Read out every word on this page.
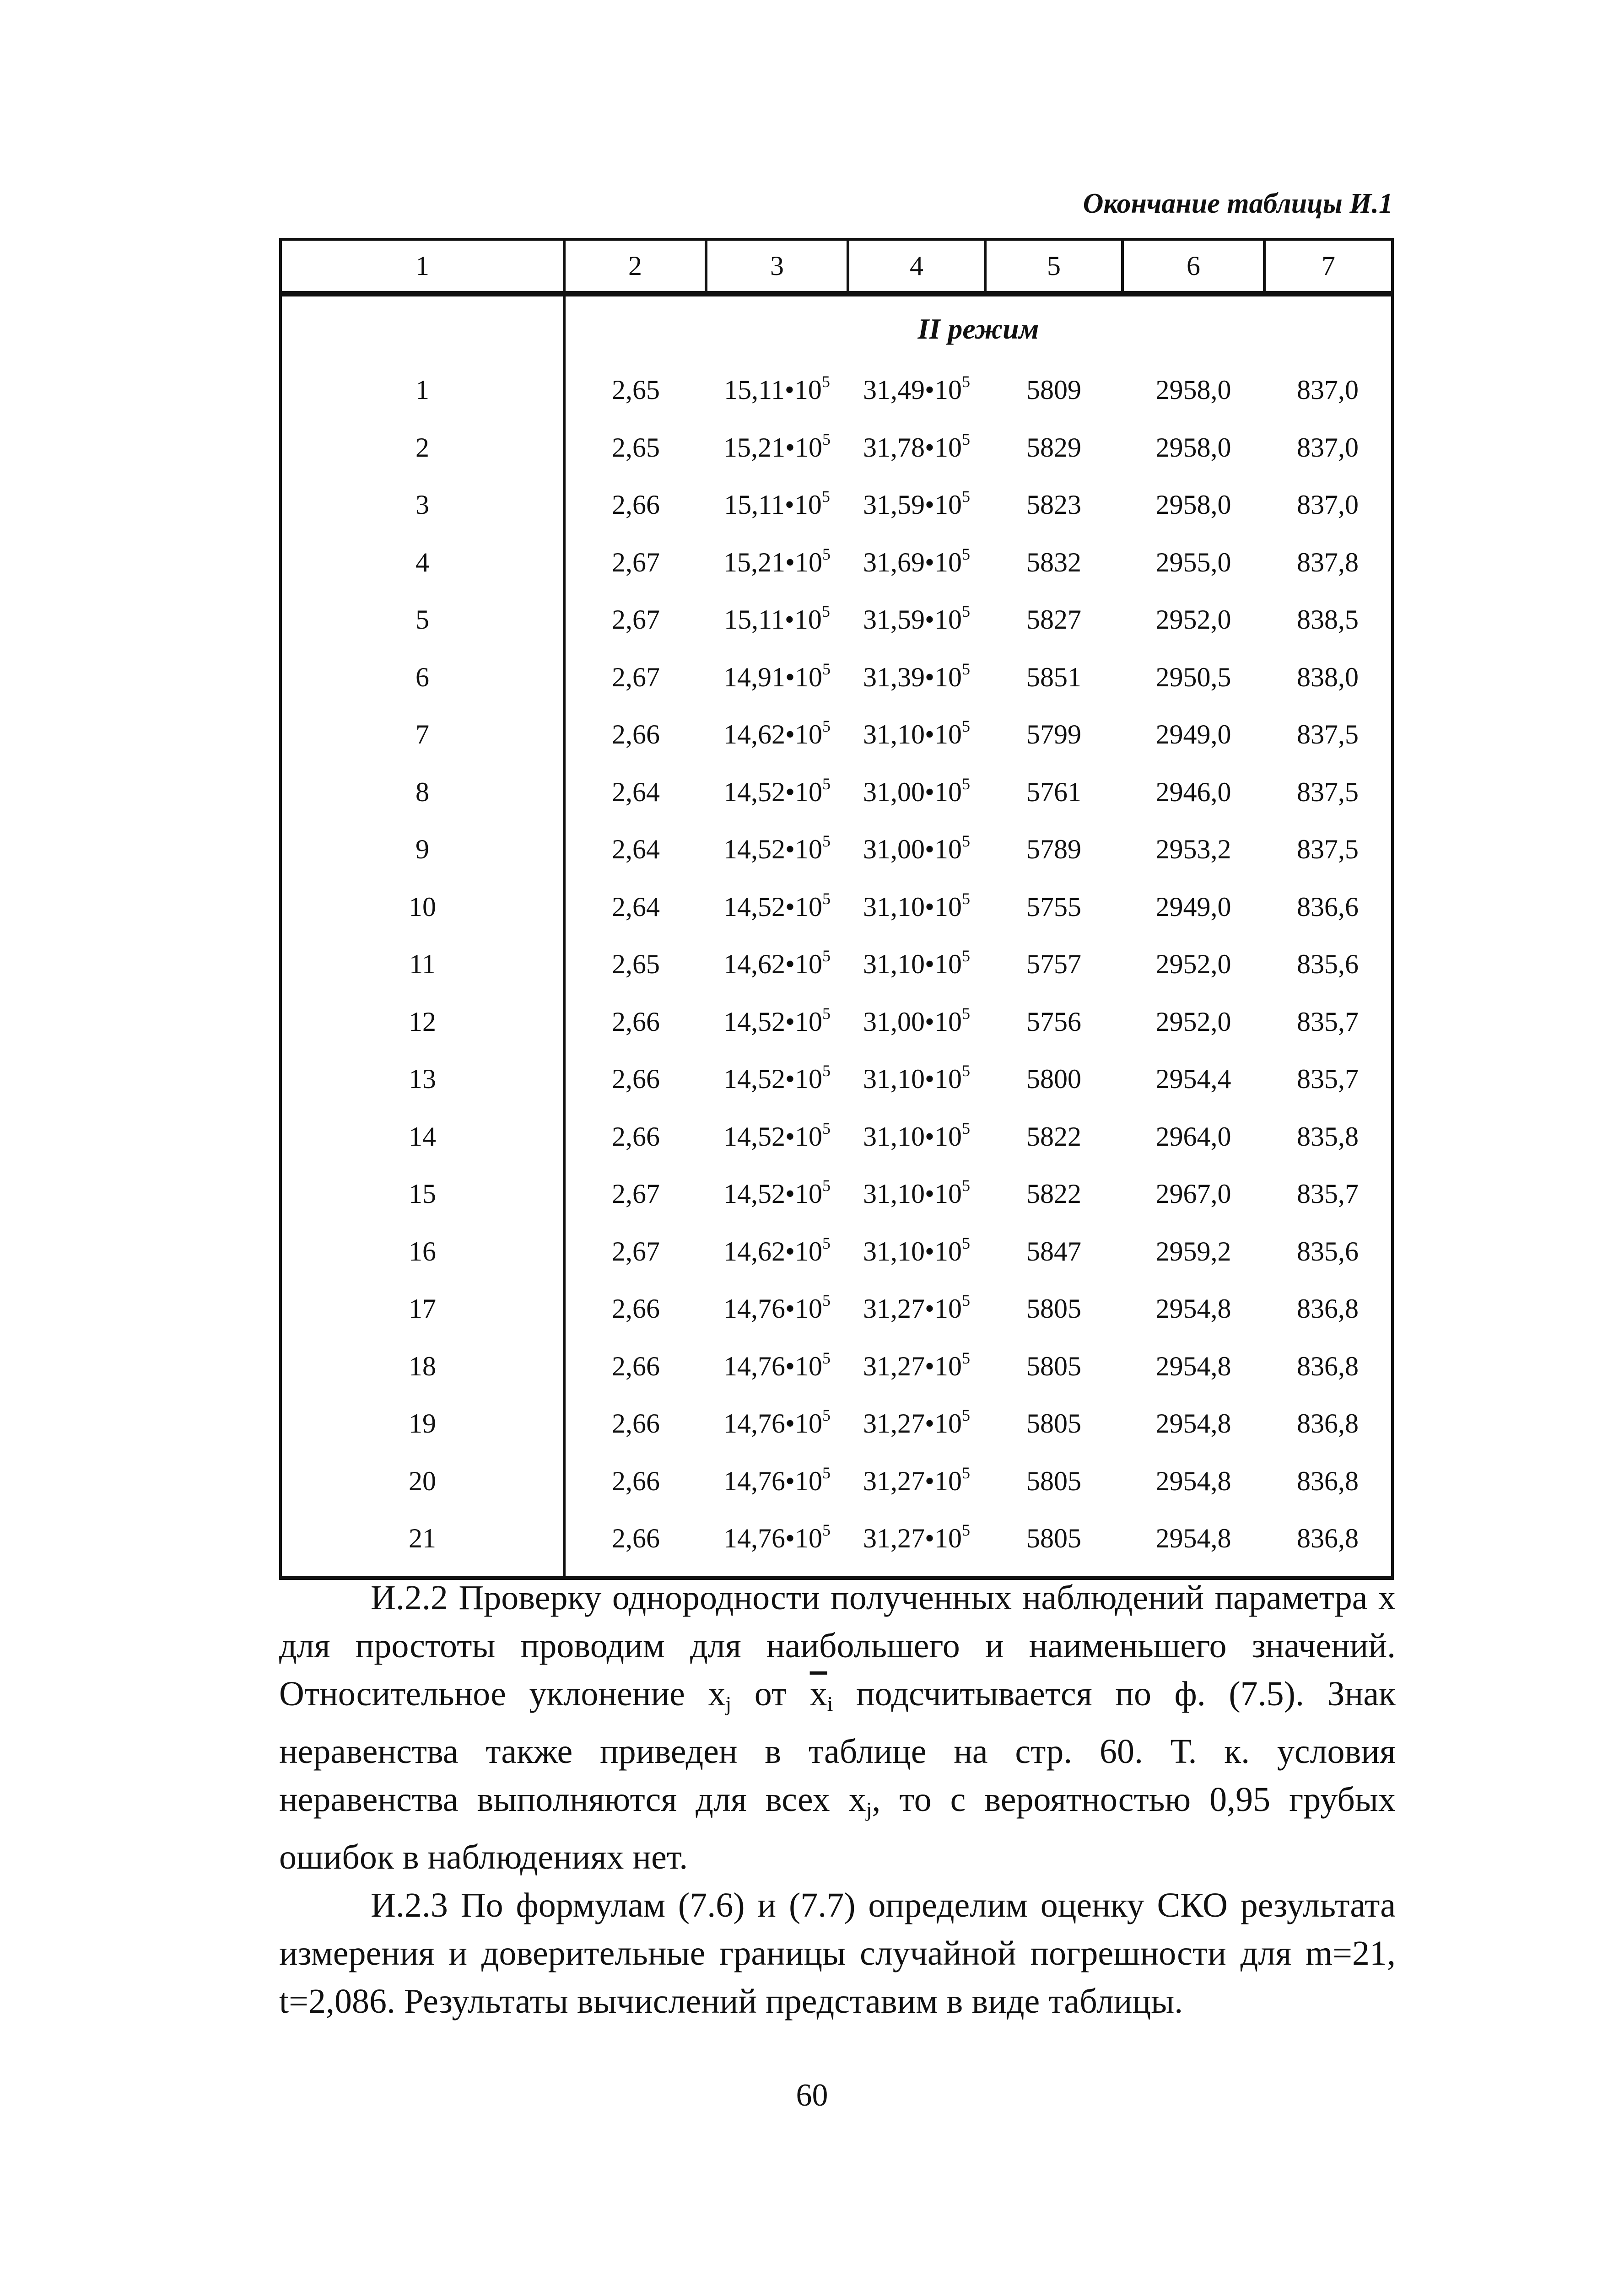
Окончание таблицы И.1
1	2	3	4	5	6	7
	II режим					
1	2,65	$15,11•10^5$	$31,49•10^5$	5809	2958,0	837,0
2	2,65	$15,21•10^5$	$31,78•10^5$	5829	2958,0	837,0
3	2,66	$15,11•10^5$	$31,59•10^5$	5823	2958,0	837,0
4	2,67	$15,21•10^5$	$31,69•10^5$	5832	2955,0	837,8
5	2,67	$15,11•10^5$	$31,59•10^5$	5827	2952,0	838,5
6	2,67	$14,91•10^5$	$31,39•10^5$	5851	2950,5	838,0
7	2,66	$14,62•10^5$	$31,10•10^5$	5799	2949,0	837,5
8	2,64	$14,52•10^5$	$31,00•10^5$	5761	2946,0	837,5
9	2,64	$14,52•10^5$	$31,00•10^5$	5789	2953,2	837,5
10	2,64	$14,52•10^5$	$31,10•10^5$	5755	2949,0	836,6
11	2,65	$14,62•10^5$	$31,10•10^5$	5757	2952,0	835,6
12	2,66	$14,52•10^5$	$31,00•10^5$	5756	2952,0	835,7
13	2,66	$14,52•10^5$	$31,10•10^5$	5800	2954,4	835,7
14	2,66	$14,52•10^5$	$31,10•10^5$	5822	2964,0	835,8
15	2,67	$14,52•10^5$	$31,10•10^5$	5822	2967,0	835,7
16	2,67	$14,62•10^5$	$31,10•10^5$	5847	2959,2	835,6
17	2,66	$14,76•10^5$	$31,27•10^5$	5805	2954,8	836,8
18	2,66	$14,76•10^5$	$31,27•10^5$	5805	2954,8	836,8
19	2,66	$14,76•10^5$	$31,27•10^5$	5805	2954,8	836,8
20	2,66	$14,76•10^5$	$31,27•10^5$	5805	2954,8	836,8
21	2,66	$14,76•10^5$	$31,27•10^5$	5805	2954,8	836,8

И.2.2 Проверку однородности полученных наблюдений параметра x для простоты проводим для наибольшего и наименьшего значений. Относительное уклонение $x_j$ от $\overline{x}_i$ подсчитывается по ф. (7.5). Знак неравенства также приведен в таблице на стр. 60. Т. к. условия неравенства выполняются для всех $x_j$, то с вероятностью 0,95 грубых ошибок в наблюдениях нет.

И.2.3 По формулам (7.6) и (7.7) определим оценку СКО результата измерения и доверительные границы случайной погрешности для m=21, t=2,086. Результаты вычислений представим в виде таблицы.

60
